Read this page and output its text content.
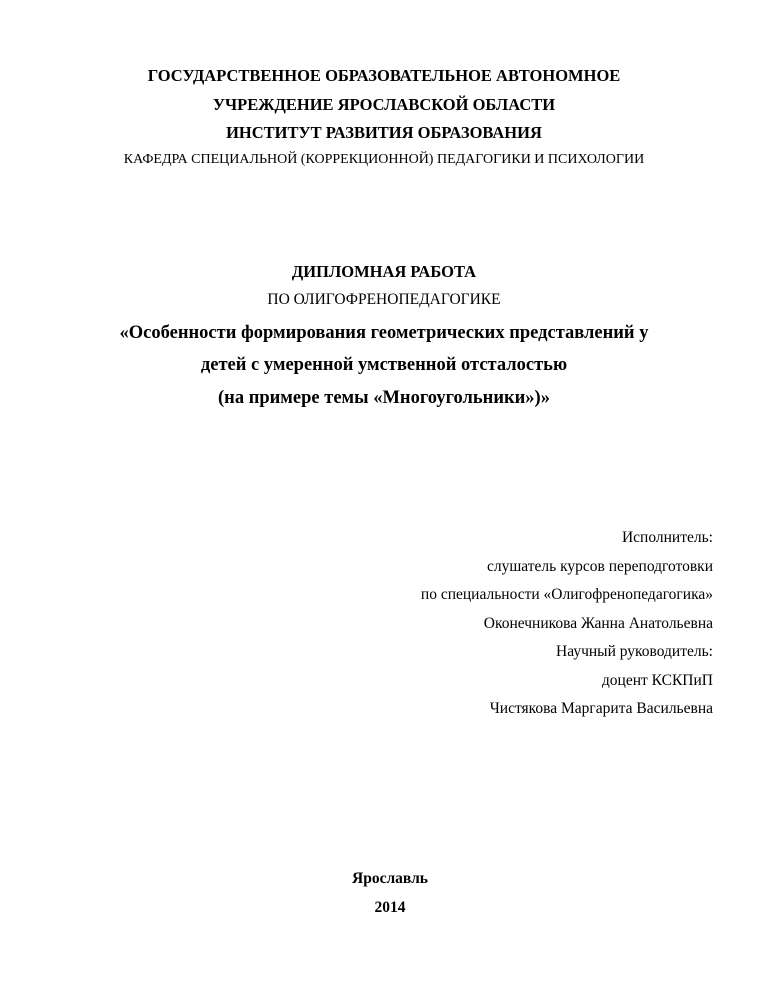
ГОСУДАРСТВЕННОЕ ОБРАЗОВАТЕЛЬНОЕ АВТОНОМНОЕ
УЧРЕЖДЕНИЕ ЯРОСЛАВСКОЙ ОБЛАСТИ
ИНСТИТУТ РАЗВИТИЯ ОБРАЗОВАНИЯ
КАФЕДРА СПЕЦИАЛЬНОЙ (КОРРЕКЦИОННОЙ) ПЕДАГОГИКИ И ПСИХОЛОГИИ
ДИПЛОМНАЯ РАБОТА
ПО ОЛИГОФРЕНОПЕДАГОГИКЕ
«Особенности формирования геометрических представлений у
детей с умеренной умственной отсталостью
(на примере темы «Многоугольники»)»
Исполнитель:
слушатель курсов переподготовки
по специальности «Олигофренопедагогика»
Оконечникова Жанна Анатольевна
Научный руководитель:
доцент КСКПиП
Чистякова Маргарита Васильевна
Ярославль
2014
